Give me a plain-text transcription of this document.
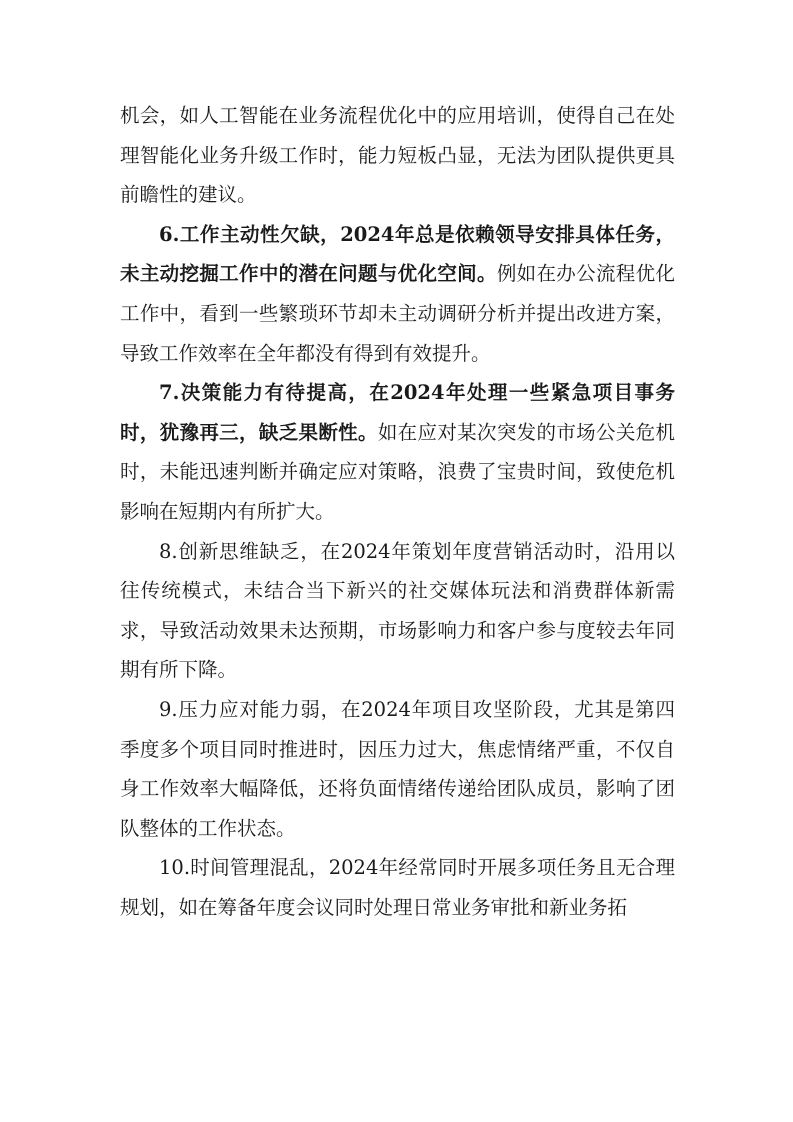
机会，如人工智能在业务流程优化中的应用培训，使得自己在处理智能化业务升级工作时，能力短板凸显，无法为团队提供更具前瞻性的建议。

6.工作主动性欠缺，2024年总是依赖领导安排具体任务，未主动挖掘工作中的潜在问题与优化空间。例如在办公流程优化工作中，看到一些繁琐环节却未主动调研分析并提出改进方案，导致工作效率在全年都没有得到有效提升。

7.决策能力有待提高，在2024年处理一些紧急项目事务时，犹豫再三，缺乏果断性。如在应对某次突发的市场公关危机时，未能迅速判断并确定应对策略，浪费了宝贵时间，致使危机影响在短期内有所扩大。

8.创新思维缺乏，在2024年策划年度营销活动时，沿用以往传统模式，未结合当下新兴的社交媒体玩法和消费群体新需求，导致活动效果未达预期，市场影响力和客户参与度较去年同期有所下降。

9.压力应对能力弱，在2024年项目攻坚阶段，尤其是第四季度多个项目同时推进时，因压力过大，焦虑情绪严重，不仅自身工作效率大幅降低，还将负面情绪传递给团队成员，影响了团队整体的工作状态。

10.时间管理混乱，2024年经常同时开展多项任务且无合理规划，如在筹备年度会议同时处理日常业务审批和新业务拓
